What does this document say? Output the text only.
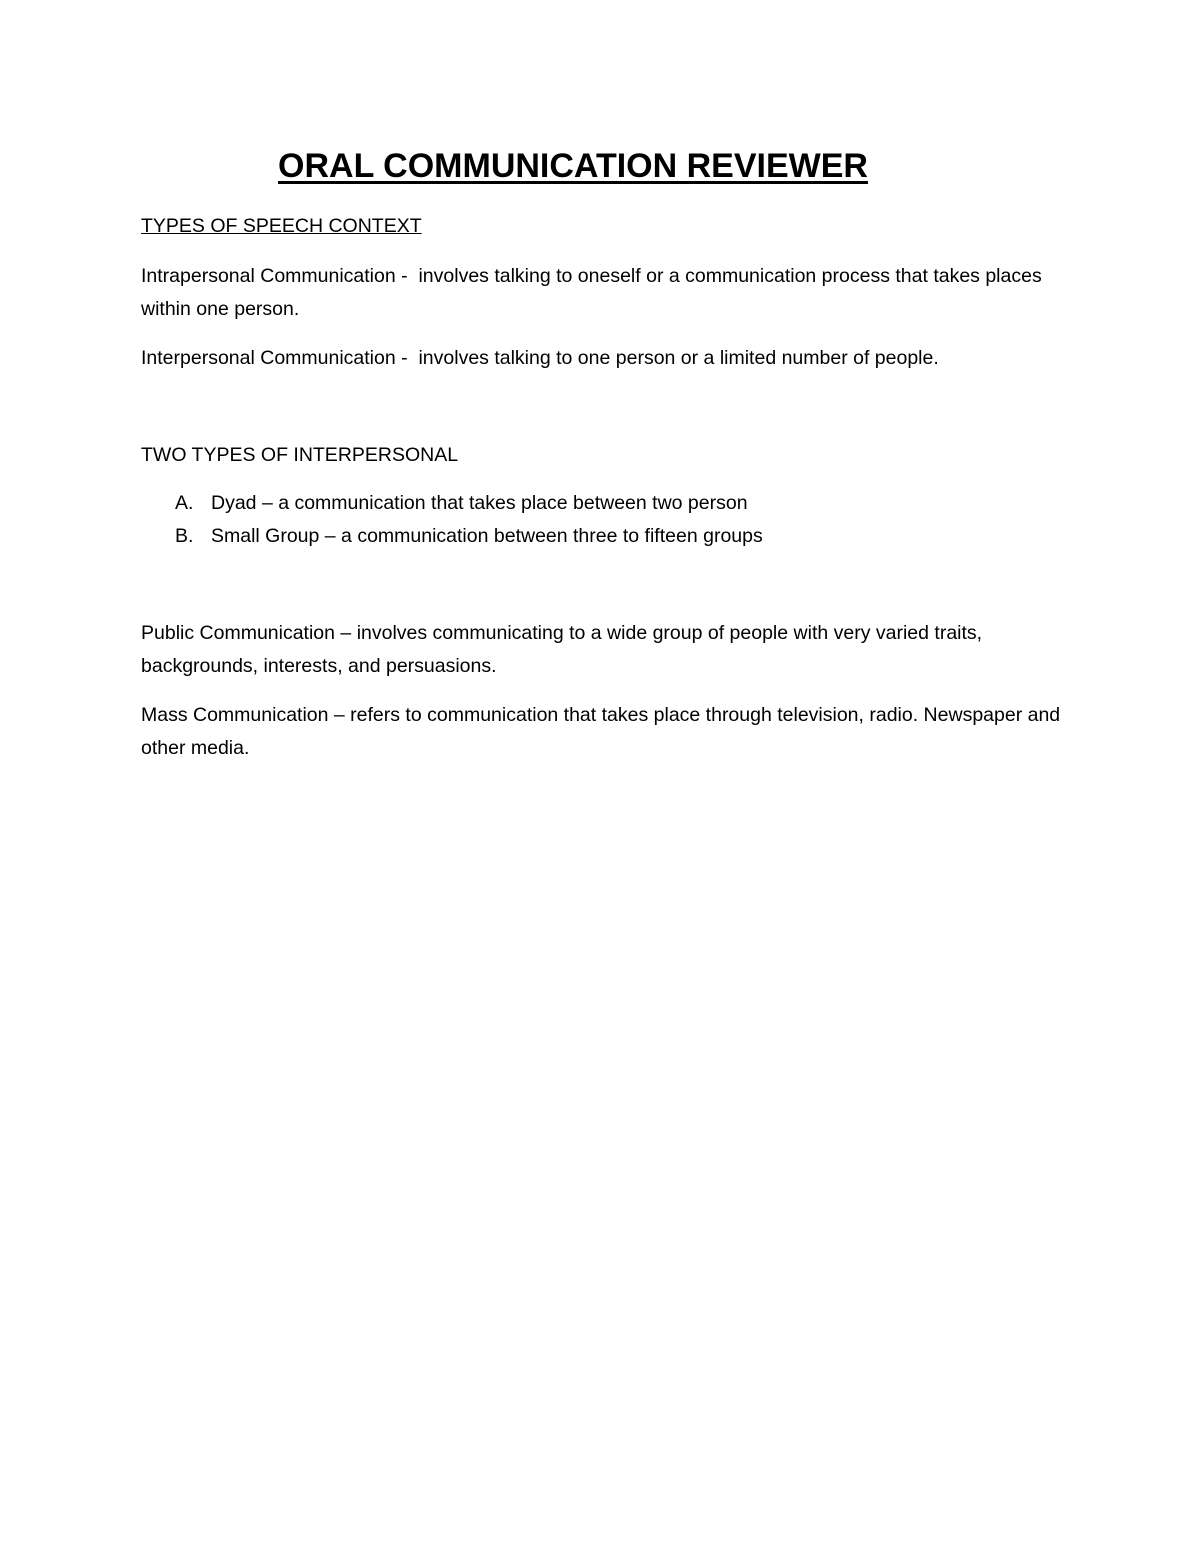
ORAL COMMUNICATION REVIEWER
TYPES OF SPEECH CONTEXT
Intrapersonal Communication -  involves talking to oneself or a communication process that takes places within one person.
Interpersonal Communication -  involves talking to one person or a limited number of people.
TWO TYPES OF INTERPERSONAL
A. Dyad – a communication that takes place between two person
B. Small Group – a communication between three to fifteen groups
Public Communication – involves communicating to a wide group of people with very varied traits, backgrounds, interests, and persuasions.
Mass Communication – refers to communication that takes place through television, radio. Newspaper and other media.
